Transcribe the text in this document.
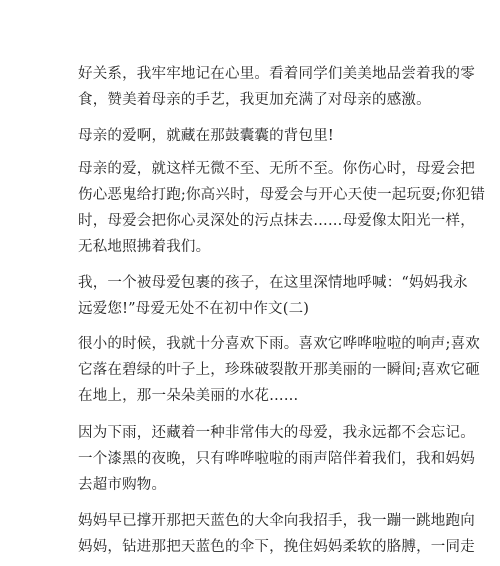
好关系，我牢牢地记在心里。看着同学们美美地品尝着我的零
食，赞美着母亲的手艺，我更加充满了对母亲的感激。

母亲的爱啊，就藏在那鼓囊囊的背包里!

母亲的爱，就这样无微不至、无所不至。你伤心时，母爱会把
伤心恶鬼给打跑;你高兴时，母爱会与开心天使一起玩耍;你犯错
时，母爱会把你心灵深处的污点抹去……母爱像太阳光一样，
无私地照拂着我们。

我，一个被母爱包裹的孩子，在这里深情地呼喊：“妈妈我永
远爱您!”母爱无处不在初中作文(二)

很小的时候，我就十分喜欢下雨。喜欢它哗哗啦啦的响声;喜欢
它落在碧绿的叶子上，珍珠破裂散开那美丽的一瞬间;喜欢它砸
在地上，那一朵朵美丽的水花……

因为下雨，还藏着一种非常伟大的母爱，我永远都不会忘记。
一个漆黑的夜晚，只有哗哗啦啦的雨声陪伴着我们，我和妈妈
去超市购物。

妈妈早已撑开那把天蓝色的大伞向我招手，我一蹦一跳地跑向
妈妈，钻进那把天蓝色的伞下，挽住妈妈柔软的胳膊，一同走
